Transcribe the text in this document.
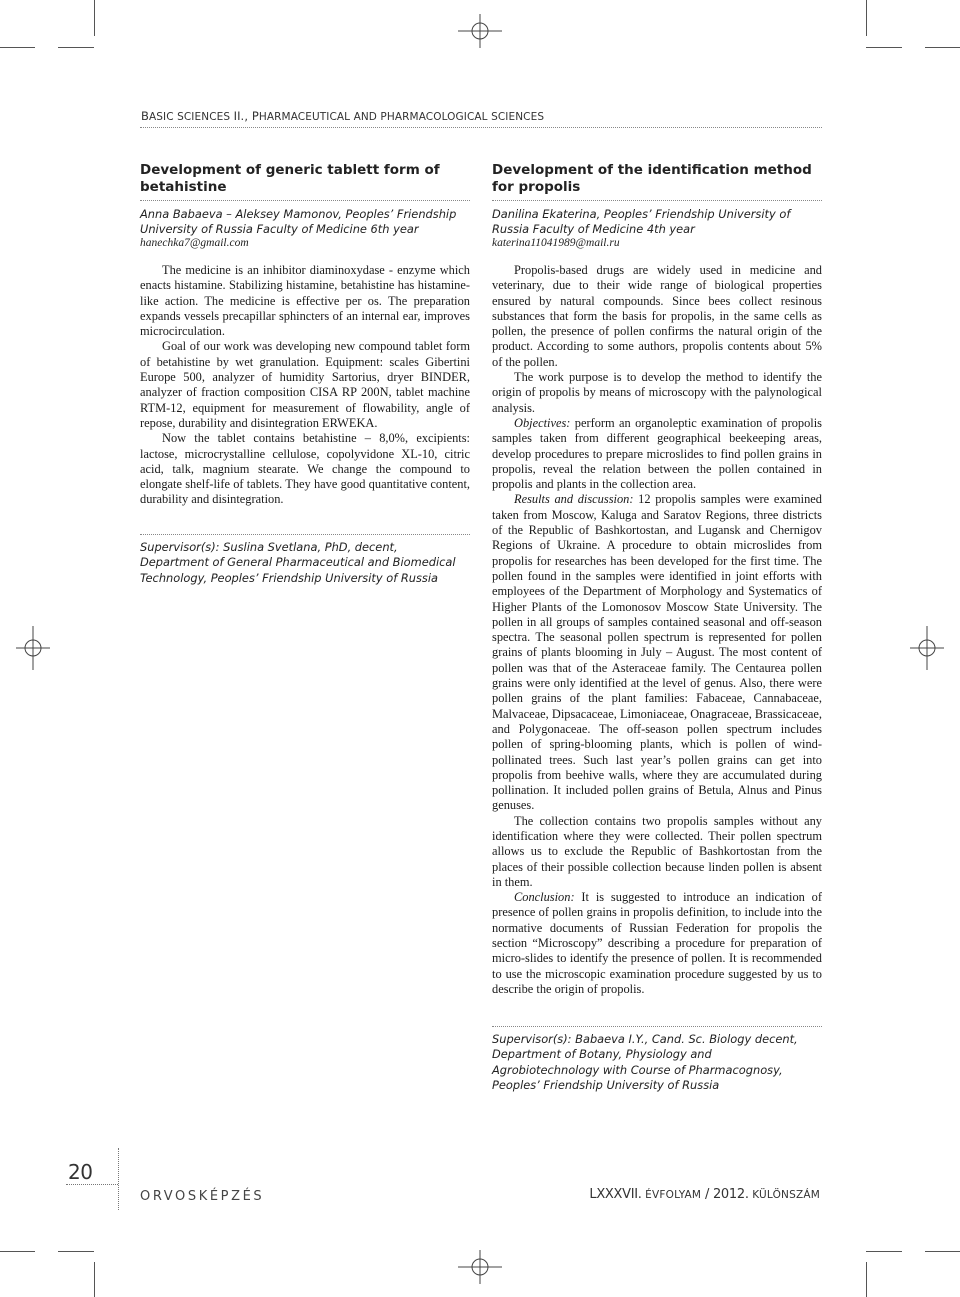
BASIC SCIENCES II., PHARMACEUTICAL AND PHARMACOLOGICAL SCIENCES
Development of generic tablett form of betahistine

Anna Babaeva – Aleksey Mamonov, Peoples’ Friendship University of Russia Faculty of Medicine 6th year

hanechka7@gmail.com

The medicine is an inhibitor diaminoxydase - enzyme which enacts histamine. Stabilizing histamine, betahistine has histamine-like action. The medicine is effective per os. The preparation expands vessels precapillar sphincters of an internal ear, improves microcirculation.

Goal of our work was developing new compound tablet form of betahistine by wet granulation. Equipment: scales Gibertini Europe 500, analyzer of humidity Sartorius, dryer BINDER, analyzer of fraction composition CISA RP 200N, tablet machine RTM-12, equipment for measurement of flowability, angle of repose, durability and disintegration ERWEKA.

Now the tablet contains betahistine – 8,0%, excipients: lactose, microcrystalline cellulose, copolyvidone XL-10, citric acid, talk, magnium stearate. We change the compound to elongate shelf-life of tablets. They have good quantitative content, durability and disintegration.

Supervisor(s): Suslina Svetlana, PhD, decent, Department of General Pharmaceutical and Biomedical Technology, Peoples’ Friendship University of Russia

Development of the identification method for propolis

Danilina Ekaterina, Peoples’ Friendship University of Russia Faculty of Medicine 4th year

katerina11041989@mail.ru

Propolis-based drugs are widely used in medicine and veterinary, due to their wide range of biological properties ensured by natural compounds. Since bees collect resinous substances that form the basis for propolis, in the same cells as pollen, the presence of pollen confirms the natural origin of the product. According to some authors, propolis contents about 5% of the pollen.

The work purpose is to develop the method to identify the origin of propolis by means of microscopy with the palynological analysis.

Objectives: perform an organoleptic examination of propolis samples taken from different geographical beekeeping areas, develop procedures to prepare microslides to find pollen grains in propolis, reveal the relation between the pollen contained in propolis and plants in the collection area.

Results and discussion: 12 propolis samples were examined taken from Moscow, Kaluga and Saratov Regions, three districts of the Republic of Bashkortostan, and Lugansk and Chernigov Regions of Ukraine. A procedure to obtain microslides from propolis for researches has been developed for the first time. The pollen found in the samples were identified in joint efforts with employees of the Department of Morphology and Systematics of Higher Plants of the Lomonosov Moscow State University. The pollen in all groups of samples contained seasonal and off-season spectra. The seasonal pollen spectrum is represented for pollen grains of plants blooming in July – August. The most content of pollen was that of the Asteraceae family. The Centaurea pollen grains were only identified at the level of genus. Also, there were pollen grains of the plant families: Fabaceae, Cannabaceae, Malvaceae, Dipsacaceae, Limoniaceae, Onagraceae, Brassicaceae, and Polygonaceae. The off-season pollen spectrum includes pollen of spring-blooming plants, which is pollen of wind-pollinated trees. Such last year’s pollen grains can get into propolis from beehive walls, where they are accumulated during pollination. It included pollen grains of Betula, Alnus and Pinus genuses.

The collection contains two propolis samples without any identification where they were collected. Their pollen spectrum allows us to exclude the Republic of Bashkortostan from the places of their possible collection because linden pollen is absent in them.

Conclusion: It is suggested to introduce an indication of presence of pollen grains in propolis definition, to include into the normative documents of Russian Federation for propolis the section “Microscopy” describing a procedure for preparation of micro-slides to identify the presence of pollen. It is recommended to use the microscopic examination procedure suggested by us to describe the origin of propolis.

Supervisor(s): Babaeva I.Y., Cand. Sc. Biology decent, Department of Botany, Physiology and Agrobiotechnology with Course of Pharmacognosy, Peoples’ Friendship University of Russia

20
ORVOSKÉPZÉS	LXXXVII. ÉVFOLYAM / 2012. KÜLÖNSZÁM
